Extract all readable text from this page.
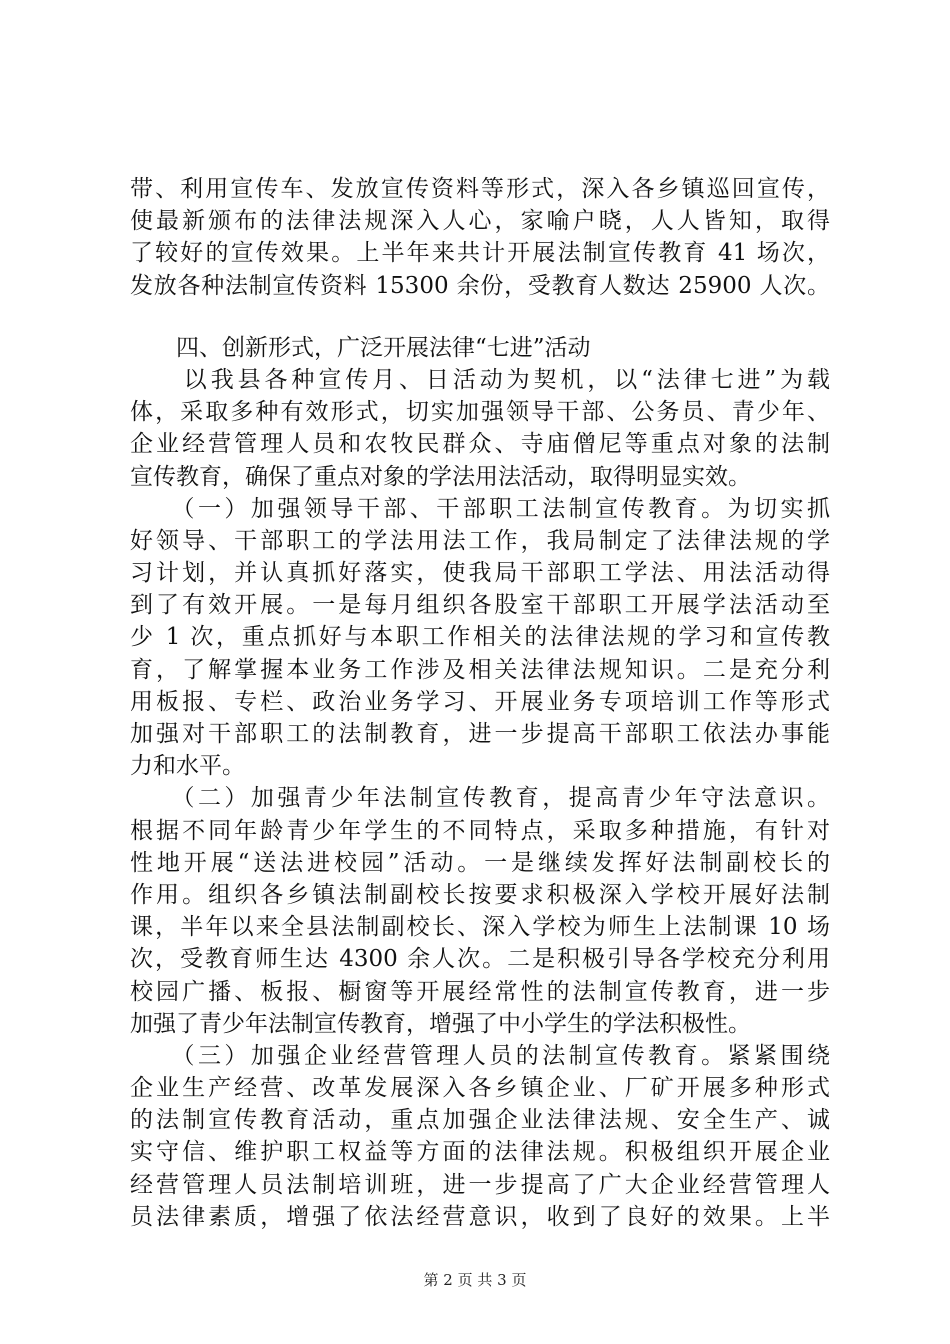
带、利用宣传车、发放宣传资料等形式，深入各乡镇巡回宣传，
使最新颁布的法律法规深入人心，家喻户晓，人人皆知，取得
了较好的宣传效果。上半年来共计开展法制宣传教育 41 场次，
发放各种法制宣传资料 15300 余份，受教育人数达 25900 人次。
　　四、创新形式，广泛开展法律“七进”活动
　　以我县各种宣传月、日活动为契机，以“法律七进”为载
体，采取多种有效形式，切实加强领导干部、公务员、青少年、
企业经营管理人员和农牧民群众、寺庙僧尼等重点对象的法制
宣传教育，确保了重点对象的学法用法活动，取得明显实效。
　　（一）加强领导干部、干部职工法制宣传教育。为切实抓
好领导、干部职工的学法用法工作，我局制定了法律法规的学
习计划，并认真抓好落实，使我局干部职工学法、用法活动得
到了有效开展。一是每月组织各股室干部职工开展学法活动至
少 1 次，重点抓好与本职工作相关的法律法规的学习和宣传教
育，了解掌握本业务工作涉及相关法律法规知识。二是充分利
用板报、专栏、政治业务学习、开展业务专项培训工作等形式
加强对干部职工的法制教育，进一步提高干部职工依法办事能
力和水平。
　　（二）加强青少年法制宣传教育，提高青少年守法意识。
根据不同年龄青少年学生的不同特点，采取多种措施，有针对
性地开展“送法进校园”活动。一是继续发挥好法制副校长的
作用。组织各乡镇法制副校长按要求积极深入学校开展好法制
课，半年以来全县法制副校长、深入学校为师生上法制课 10 场
次，受教育师生达 4300 余人次。二是积极引导各学校充分利用
校园广播、板报、橱窗等开展经常性的法制宣传教育，进一步
加强了青少年法制宣传教育，增强了中小学生的学法积极性。
　　（三）加强企业经营管理人员的法制宣传教育。紧紧围绕
企业生产经营、改革发展深入各乡镇企业、厂矿开展多种形式
的法制宣传教育活动，重点加强企业法律法规、安全生产、诚
实守信、维护职工权益等方面的法律法规。积极组织开展企业
经营管理人员法制培训班，进一步提高了广大企业经营管理人
员法律素质，增强了依法经营意识，收到了良好的效果。上半
第 2 页 共 3 页
